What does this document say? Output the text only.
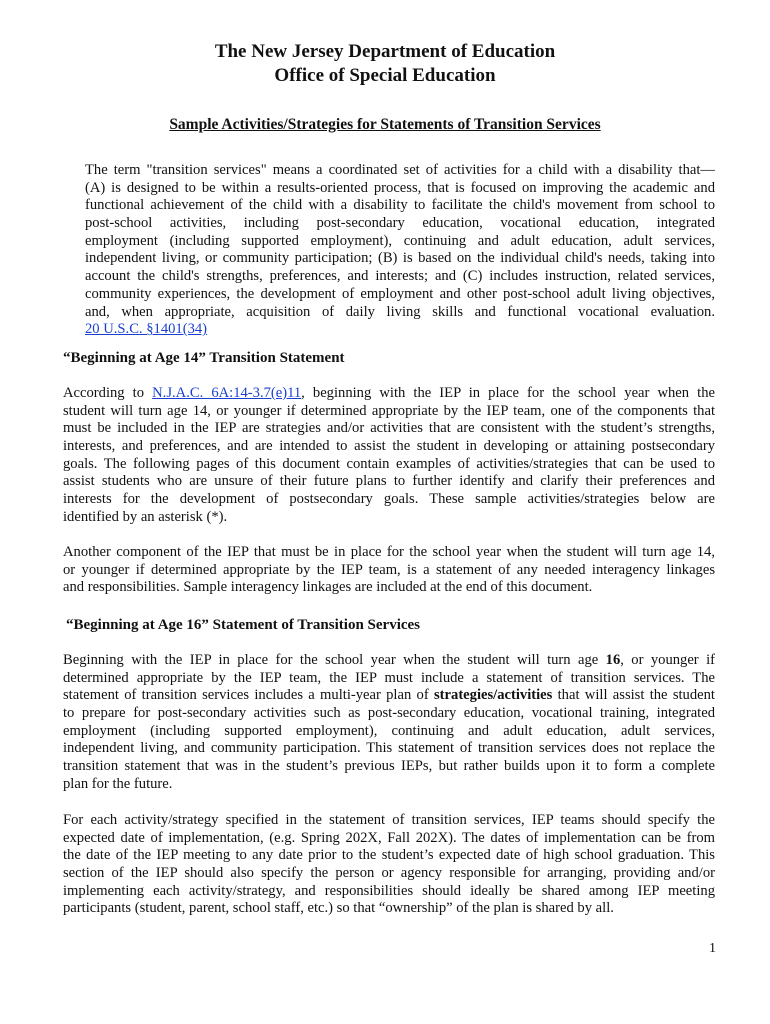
The New Jersey Department of Education
Office of Special Education
Sample Activities/Strategies for Statements of Transition Services
The term "transition services" means a coordinated set of activities for a child with a disability that—
(A) is designed to be within a results-oriented process, that is focused on improving the academic and
functional achievement of the child with a disability to facilitate the child's movement from school to
post-school activities, including post-secondary education, vocational education, integrated
employment (including supported employment), continuing and adult education, adult services,
independent living, or community participation; (B) is based on the individual child's needs, taking into
account the child's strengths, preferences, and interests; and (C) includes instruction, related services,
community experiences, the development of employment and other post-school adult living objectives,
and, when appropriate, acquisition of daily living skills and functional vocational evaluation.
20 U.S.C. §1401(34)
“Beginning at Age 14” Transition Statement
According to N.J.A.C. 6A:14-3.7(e)11, beginning with the IEP in place for the school year when the
student will turn age 14, or younger if determined appropriate by the IEP team, one of the components that
must be included in the IEP are strategies and/or activities that are consistent with the student’s strengths,
interests, and preferences, and are intended to assist the student in developing or attaining postsecondary
goals. The following pages of this document contain examples of activities/strategies that can be used to
assist students who are unsure of their future plans to further identify and clarify their preferences and
interests for the development of postsecondary goals. These sample activities/strategies below are
identified by an asterisk (*).
Another component of the IEP that must be in place for the school year when the student will turn age 14,
or younger if determined appropriate by the IEP team, is a statement of any needed interagency linkages
and responsibilities. Sample interagency linkages are included at the end of this document.
“Beginning at Age 16” Statement of Transition Services
Beginning with the IEP in place for the school year when the student will turn age 16, or younger if
determined appropriate by the IEP team, the IEP must include a statement of transition services. The
statement of transition services includes a multi-year plan of strategies/activities that will assist the student
to prepare for post-secondary activities such as post-secondary education, vocational training, integrated
employment (including supported employment), continuing and adult education, adult services,
independent living, and community participation. This statement of transition services does not replace the
transition statement that was in the student’s previous IEPs, but rather builds upon it to form a complete
plan for the future.
For each activity/strategy specified in the statement of transition services, IEP teams should specify the
expected date of implementation, (e.g. Spring 202X, Fall 202X). The dates of implementation can be from
the date of the IEP meeting to any date prior to the student’s expected date of high school graduation. This
section of the IEP should also specify the person or agency responsible for arranging, providing and/or
implementing each activity/strategy, and responsibilities should ideally be shared among IEP meeting
participants (student, parent, school staff, etc.) so that “ownership” of the plan is shared by all.
1
